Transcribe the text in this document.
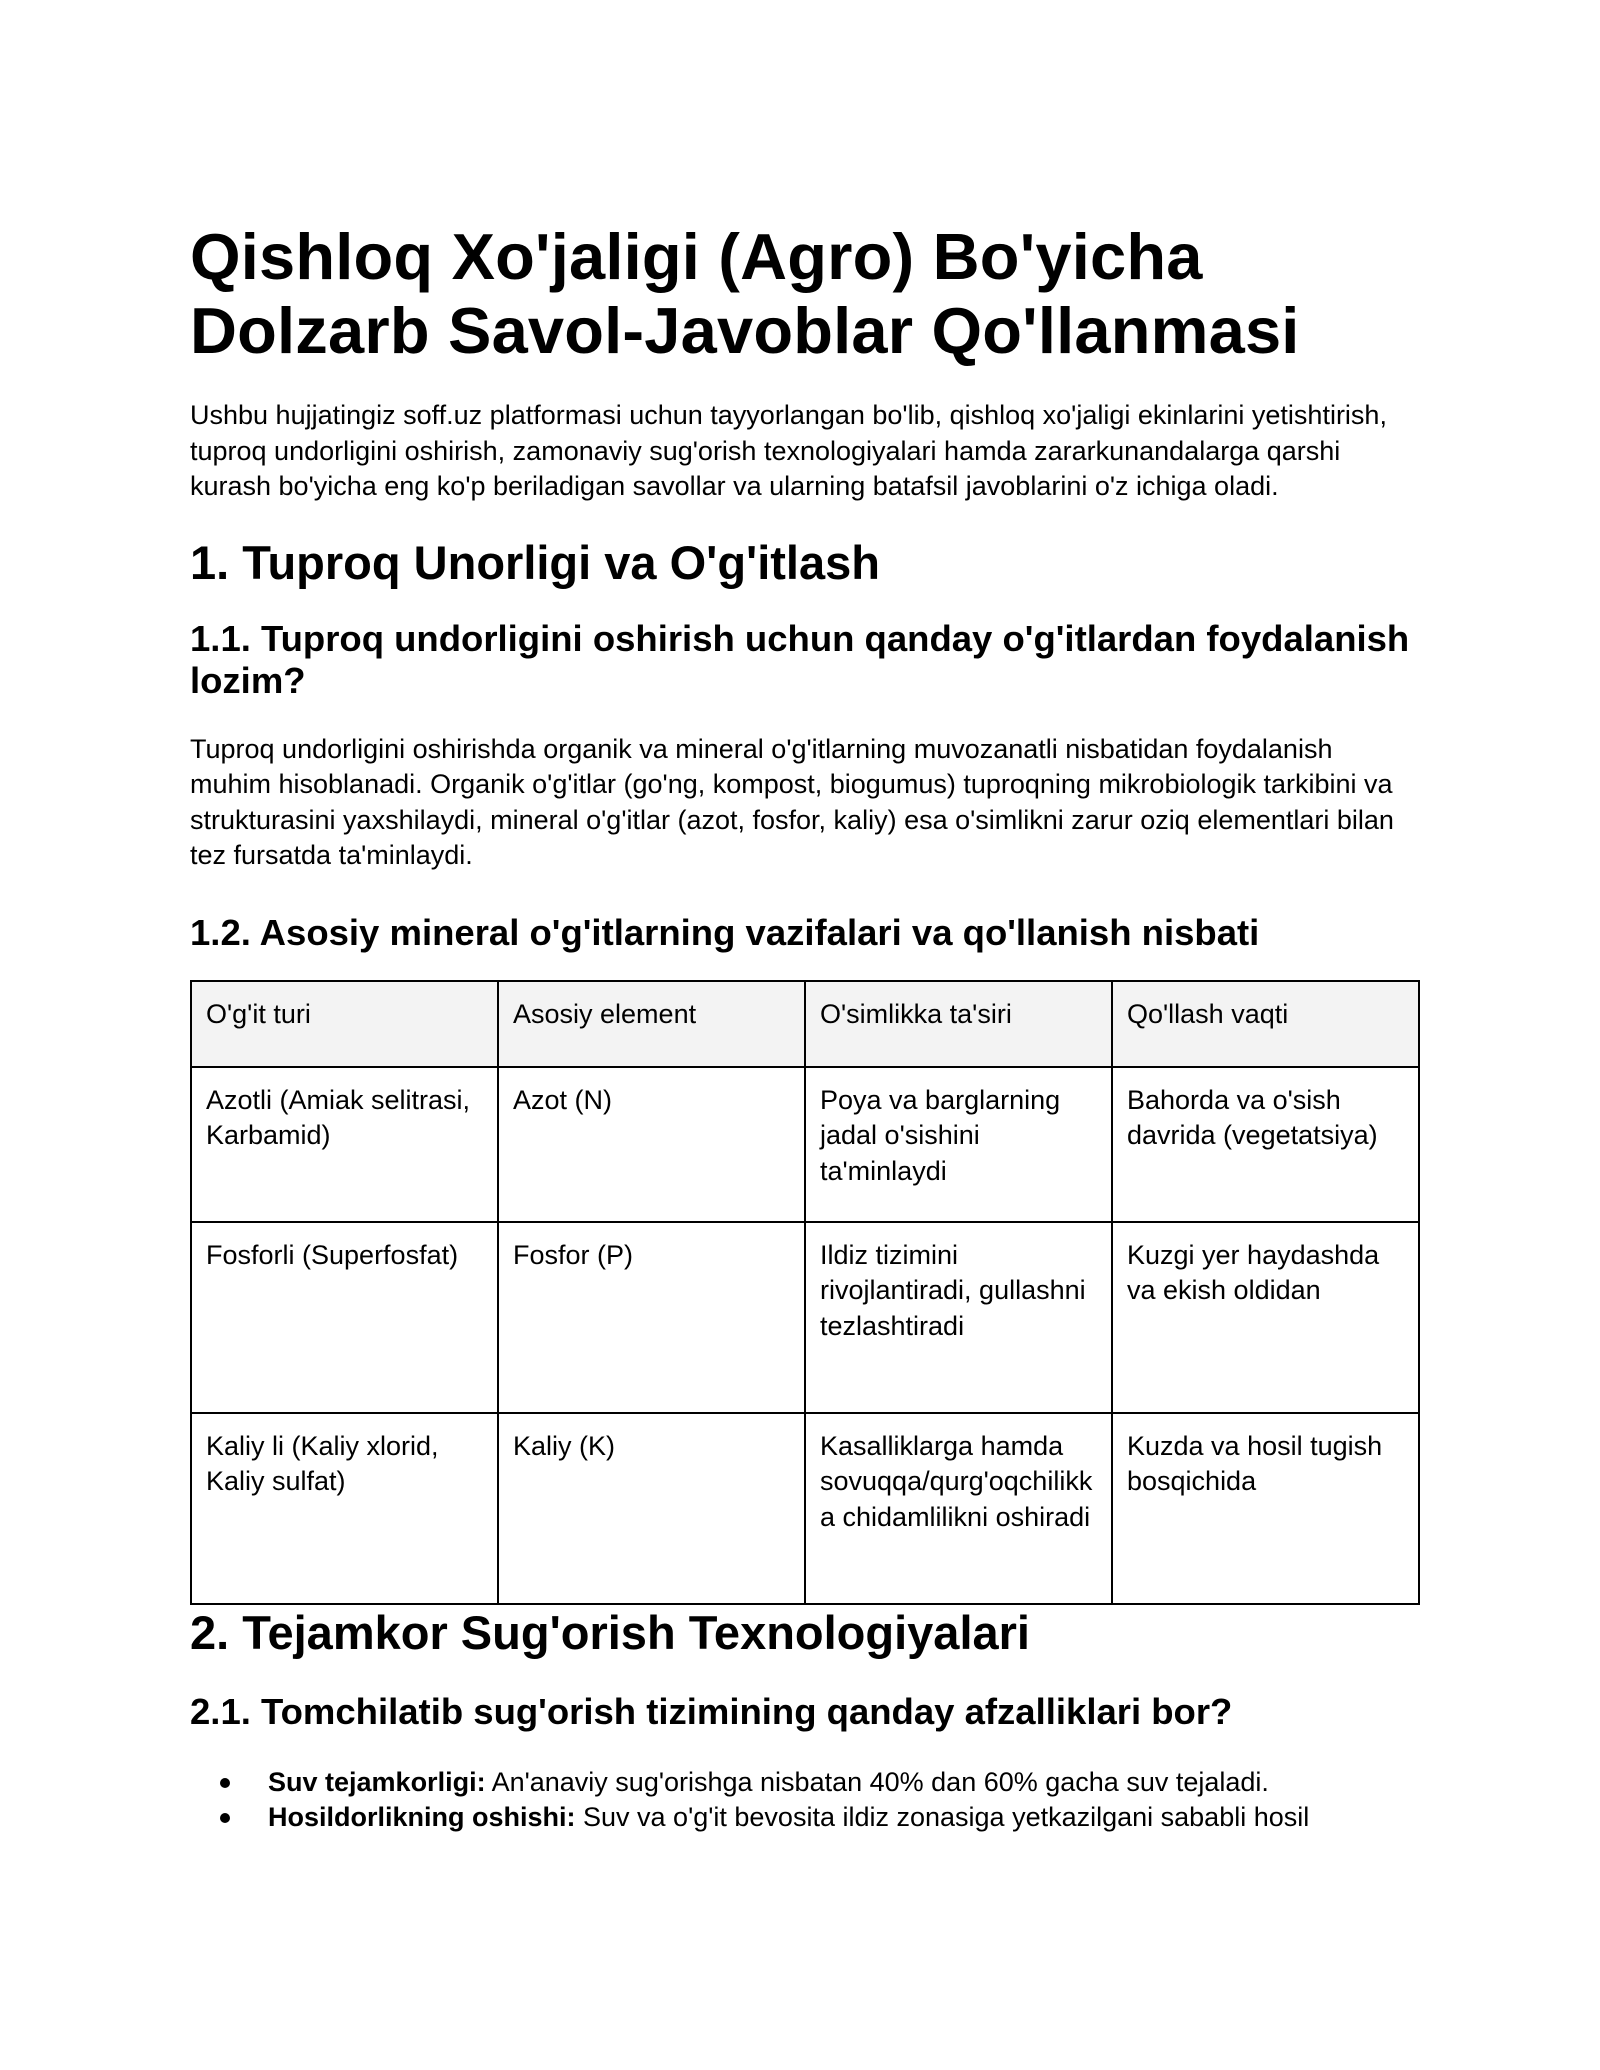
Qishloq Xo'jaligi (Agro) Bo'yicha Dolzarb Savol-Javoblar Qo'llanmasi

Ushbu hujjatingiz soff.uz platformasi uchun tayyorlangan bo'lib, qishloq xo'jaligi ekinlarini yetishtirish, tuproq undorligini oshirish, zamonaviy sug'orish texnologiyalari hamda zararkunandalarga qarshi kurash bo'yicha eng ko'p beriladigan savollar va ularning batafsil javoblarini o'z ichiga oladi.

1. Tuproq Unorligi va O'g'itlash
1.1. Tuproq undorligini oshirish uchun qanday o'g'itlardan foydalanish lozim?

Tuproq undorligini oshirishda organik va mineral o'g'itlarning muvozanatli nisbatidan foydalanish muhim hisoblanadi. Organik o'g'itlar (go'ng, kompost, biogumus) tuproqning mikrobiologik tarkibini va strukturasini yaxshilaydi, mineral o'g'itlar (azot, fosfor, kaliy) esa o'simlikni zarur oziq elementlari bilan tez fursatda ta'minlaydi.

1.2. Asosiy mineral o'g'itlarning vazifalari va qo'llanish nisbati
O'g'it turi	Asosiy element	O'simlikka ta'siri	Qo'llash vaqti
Azotli (Amiak selitrasi, Karbamid)	Azot (N)	Poya va barglarning jadal o'sishini ta'minlaydi	Bahorda va o'sish davrida (vegetatsiya)
Fosforli (Superfosfat)	Fosfor (P)	Ildiz tizimini rivojlantiradi, gullashni tezlashtiradi	Kuzgi yer haydashda va ekish oldidan
Kaliy li (Kaliy xlorid, Kaliy sulfat)	Kaliy (K)	Kasalliklarga hamda sovuqqa/qurg'oqchilikka chidamlilikni oshiradi	Kuzda va hosil tugish bosqichida
2. Tejamkor Sug'orish Texnologiyalari
2.1. Tomchilatib sug'orish tizimining qanday afzalliklari bor?
Suv tejamkorligi: An'anaviy sug'orishga nisbatan 40% dan 60% gacha suv tejaladi.
Hosildorlikning oshishi: Suv va o'g'it bevosita ildiz zonasiga yetkazilgani sababli hosil
